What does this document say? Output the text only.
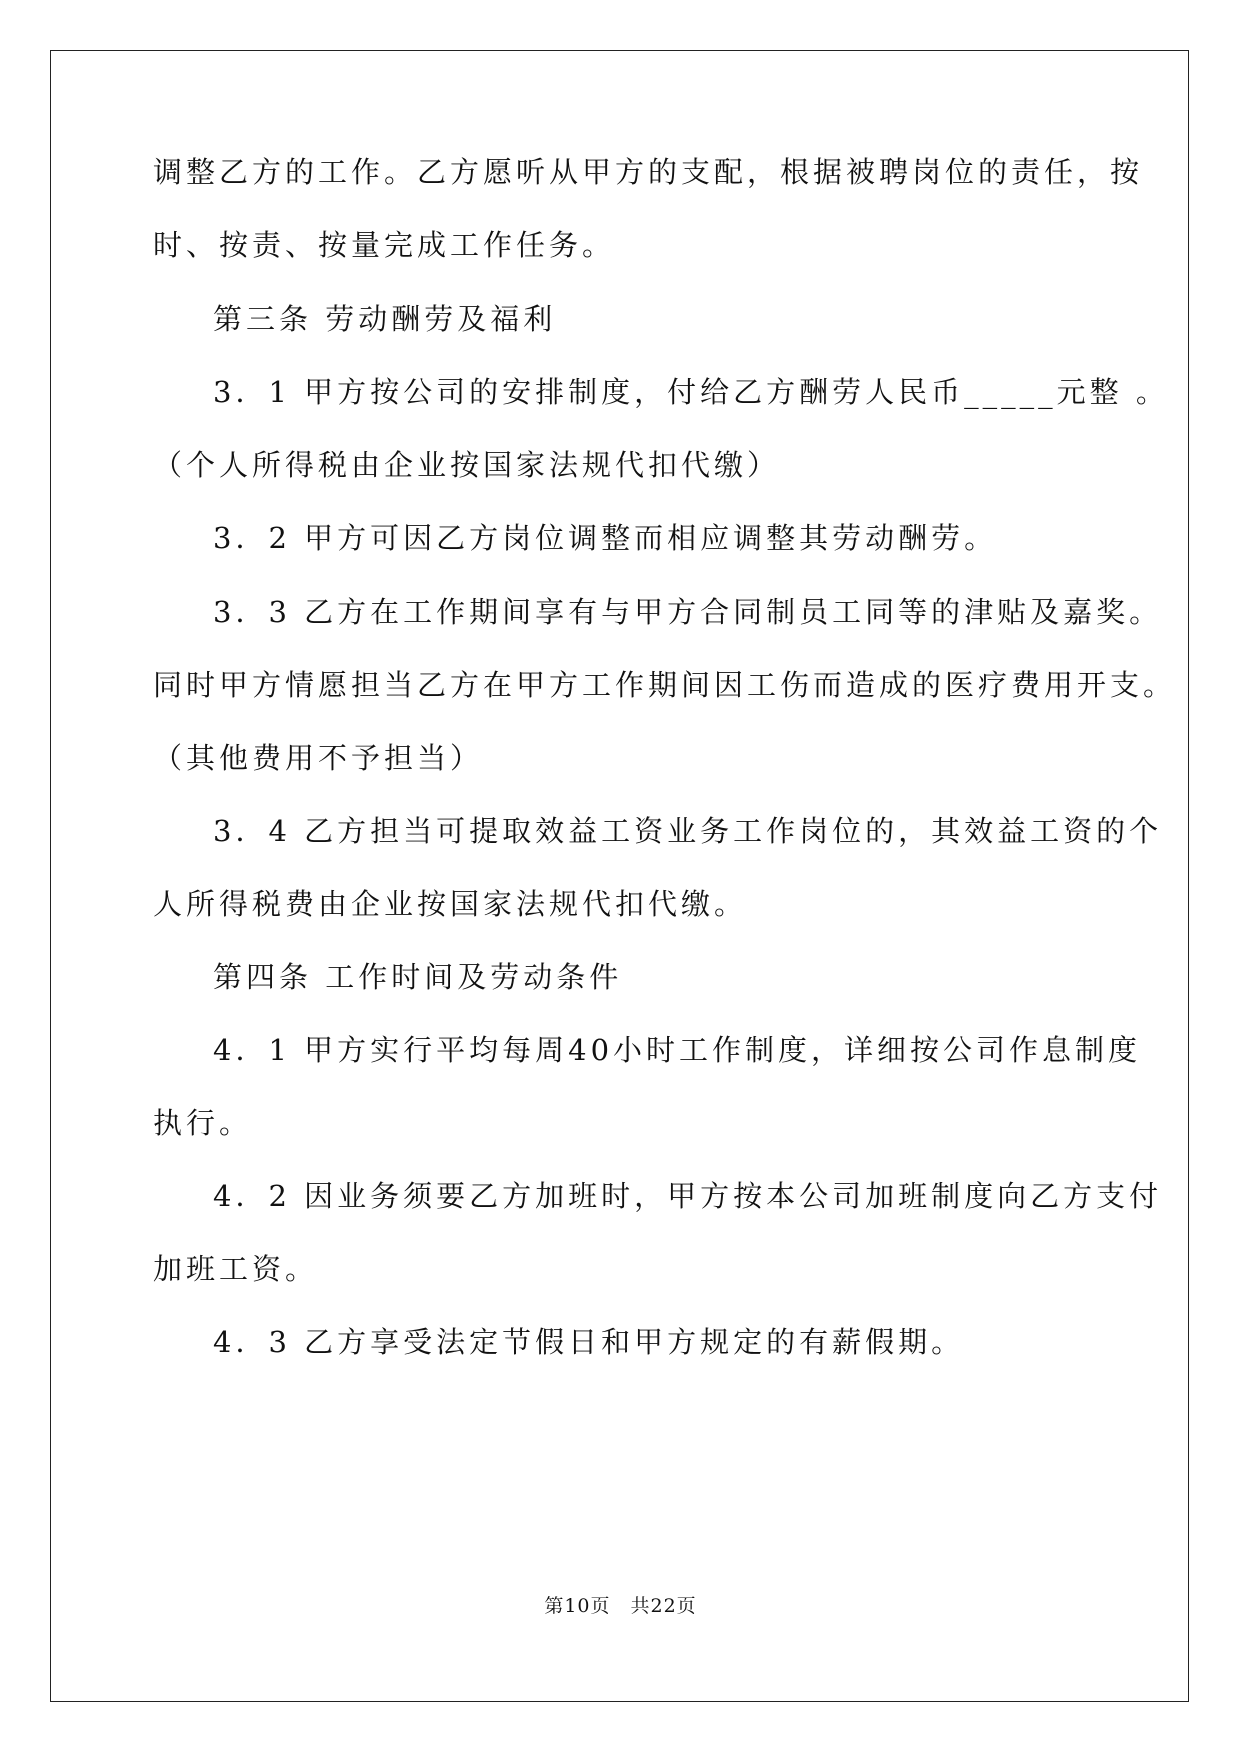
调整乙方的工作。乙方愿听从甲方的支配，根据被聘岗位的责任，按
时、按责、按量完成工作任务。
第三条 劳动酬劳及福利
3．1 甲方按公司的安排制度，付给乙方酬劳人民币_____元整 。
（个人所得税由企业按国家法规代扣代缴）
3．2 甲方可因乙方岗位调整而相应调整其劳动酬劳。
3．3 乙方在工作期间享有与甲方合同制员工同等的津贴及嘉奖。
同时甲方情愿担当乙方在甲方工作期间因工伤而造成的医疗费用开支。
（其他费用不予担当）
3．4 乙方担当可提取效益工资业务工作岗位的，其效益工资的个
人所得税费由企业按国家法规代扣代缴。
第四条 工作时间及劳动条件
4．1 甲方实行平均每周40小时工作制度，详细按公司作息制度
执行。
4．2 因业务须要乙方加班时，甲方按本公司加班制度向乙方支付
加班工资。
4．3 乙方享受法定节假日和甲方规定的有薪假期。
第10页　共22页
